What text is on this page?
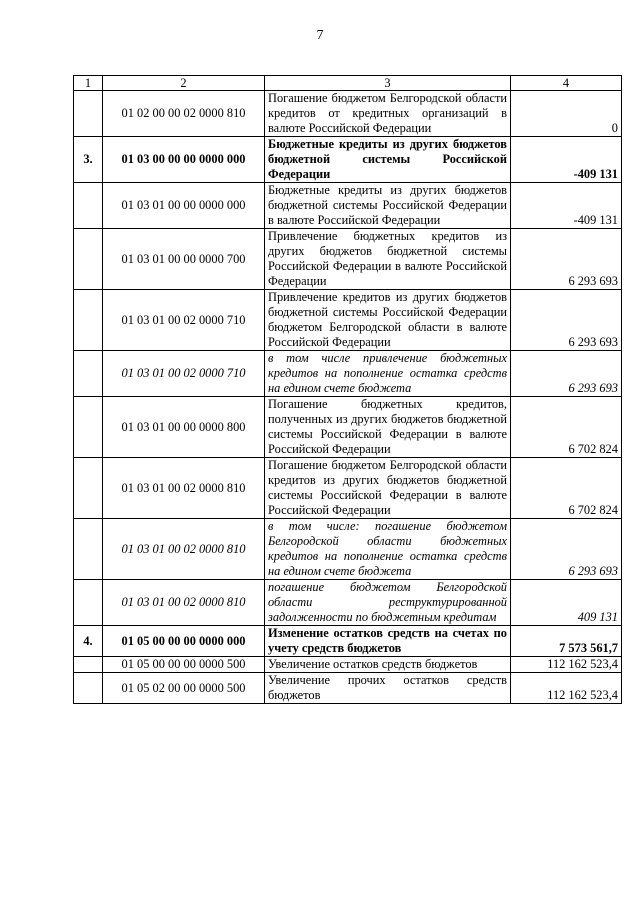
7
1	2	3	4
	01 02 00 00 02 0000 810	Погашение бюджетом Белгородской области кредитов от кредитных организаций в валюте Российской Федерации	0
3.	01 03 00 00 00 0000 000	Бюджетные кредиты из других бюджетов бюджетной системы Российской Федерации	-409 131
	01 03 01 00 00 0000 000	Бюджетные кредиты из других бюджетов бюджетной системы Российской Федерации в валюте Российской Федерации	-409 131
	01 03 01 00 00 0000 700	Привлечение бюджетных кредитов из других бюджетов бюджетной системы Российской Федерации в валюте Российской Федерации	6 293 693
	01 03 01 00 02 0000 710	Привлечение кредитов из других бюджетов бюджетной системы Российской Федерации бюджетом Белгородской области в валюте Российской Федерации	6 293 693
	01 03 01 00 02 0000 710	в том числе привлечение бюджетных кредитов на пополнение остатка средств на едином счете бюджета	6 293 693
	01 03 01 00 00 0000 800	Погашение бюджетных кредитов, полученных из других бюджетов бюджетной системы Российской Федерации в валюте Российской Федерации	6 702 824
	01 03 01 00 02 0000 810	Погашение бюджетом Белгородской области кредитов из других бюджетов бюджетной системы Российской Федерации в валюте Российской Федерации	6 702 824
	01 03 01 00 02 0000 810	в том числе: погашение бюджетом Белгородской области бюджетных кредитов на пополнение остатка средств на едином счете бюджета	6 293 693
	01 03 01 00 02 0000 810	погашение бюджетом Белгородской области реструктурированной задолженности по бюджетным кредитам	409 131
4.	01 05 00 00 00 0000 000	Изменение остатков средств на счетах по учету средств бюджетов	7 573 561,7
	01 05 00 00 00 0000 500	Увеличение остатков средств бюджетов	112 162 523,4
	01 05 02 00 00 0000 500	Увеличение прочих остатков средств бюджетов	112 162 523,4
